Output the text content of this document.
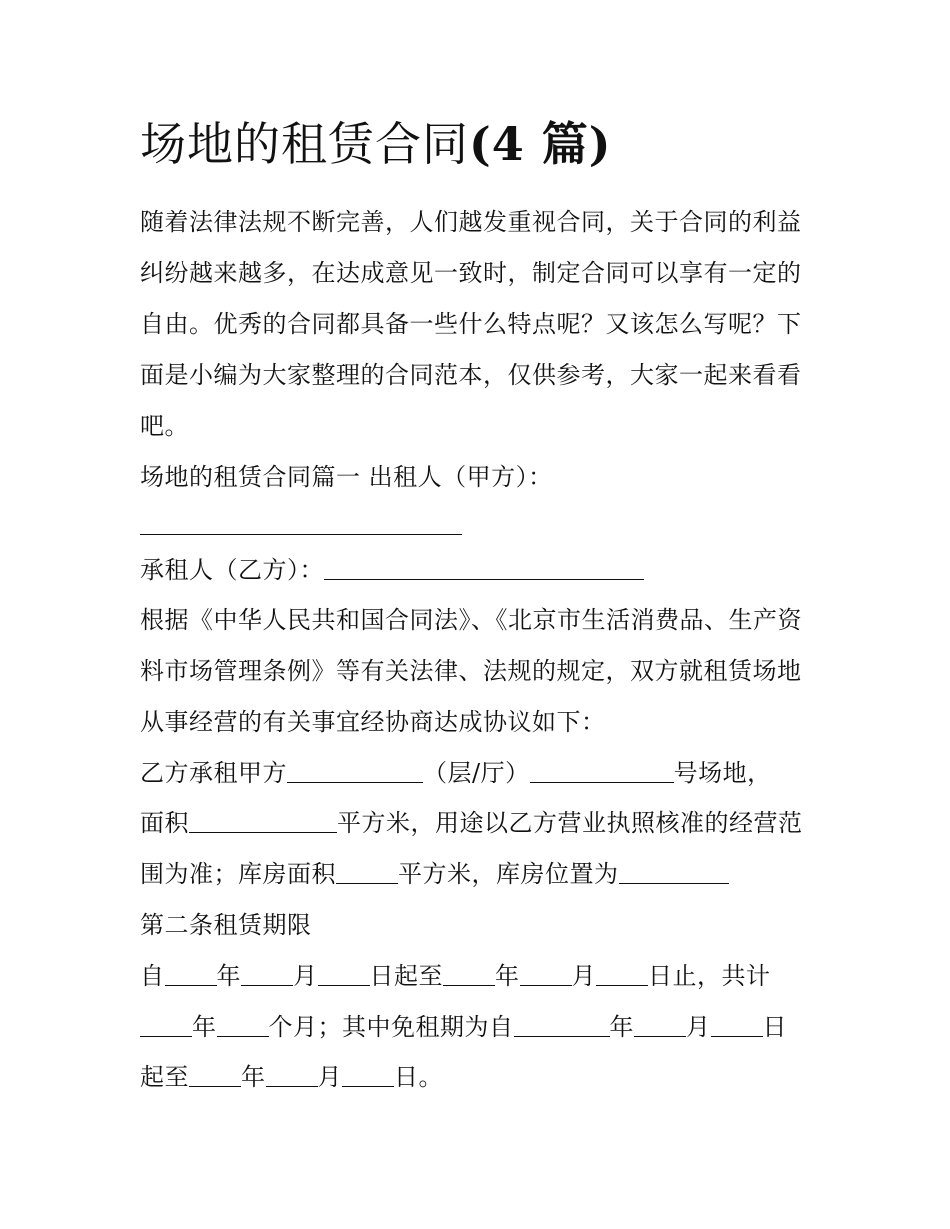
场地的租赁合同(4 篇)

随着法律法规不断完善，人们越发重视合同，关于合同的利益纠纷越来越多，在达成意见一致时，制定合同可以享有一定的自由。优秀的合同都具备一些什么特点呢？又该怎么写呢？下面是小编为大家整理的合同范本，仅供参考，大家一起来看看吧。

场地的租赁合同篇一 出租人（甲方）：

承租人（乙方）：

根据《中华人民共和国合同法》、《北京市生活消费品、生产资料市场管理条例》等有关法律、法规的规定，双方就租赁场地从事经营的有关事宜经协商达成协议如下：

乙方承租甲方	（层/厅）	号场地，

面积	平方米，用途以乙方营业执照核准的经营范

围为准；库房面积	平方米，库房位置为

第二条租赁期限

自 年 月 日起至 年 月 日止，共计

年 个月；其中免租期为自	年 月 日

起至 年 月 日。
